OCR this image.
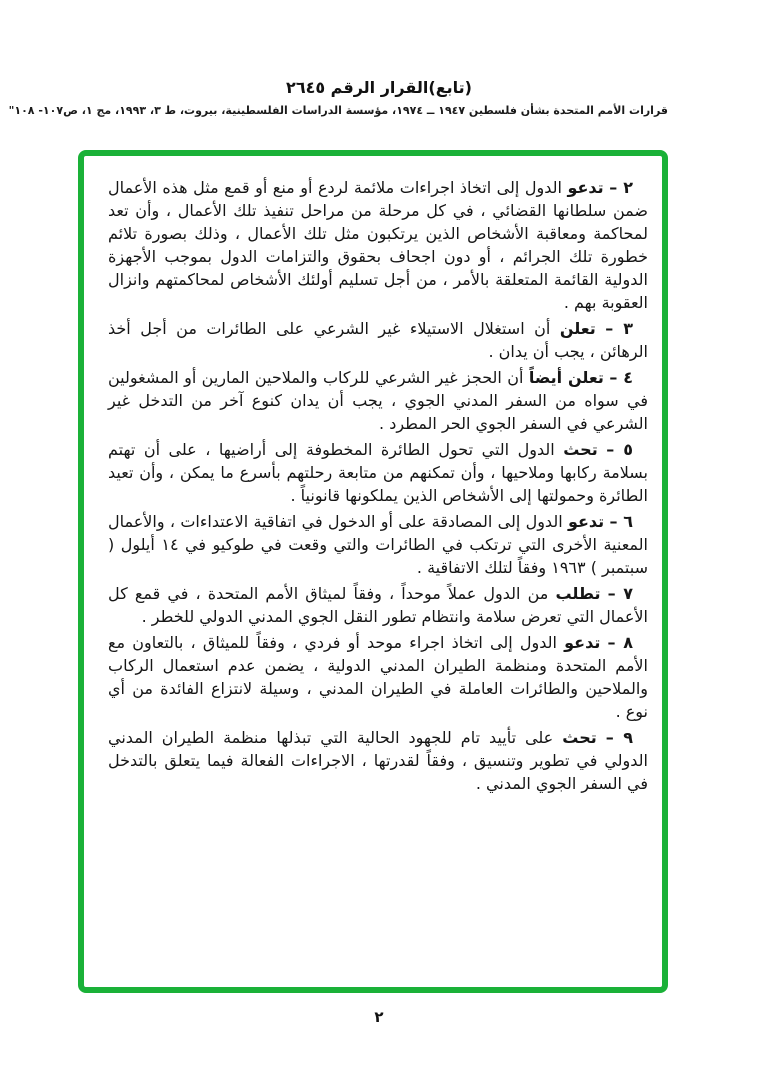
(تابع)القرار الرقم ٢٦٤٥
قرارات الأمم المتحدة بشأن فلسطين ١٩٤٧ ــ ١٩٧٤، مؤسسة الدراسات الفلسطينية، بيروت، ط ٣، ١٩٩٣، مج ١، ص١٠٧- ١٠٨"

٢ – تدعو الدول إلى اتخاذ اجراءات ملائمة لردع أو منع أو قمع مثل هذه الأعمال ضمن سلطانها القضائي ، في كل مرحلة من مراحل تنفيذ تلك الأعمال ، وأن تعد لمحاكمة ومعاقبة الأشخاص الذين يرتكبون مثل تلك الأعمال ، وذلك بصورة تلائم خطورة تلك الجرائم ، أو دون اجحاف بحقوق والتزامات الدول بموجب الأجهزة الدولية القائمة المتعلقة بالأمر ، من أجل تسليم أولئك الأشخاص لمحاكمتهم وانزال العقوبة بهم .

٣ – تعلن أن استغلال الاستيلاء غير الشرعي على الطائرات من أجل أخذ الرهائن ، يجب أن يدان .

٤ – تعلن أيضاً أن الحجز غير الشرعي للركاب والملاحين المارين أو المشغولين في سواه من السفر المدني الجوي ، يجب أن يدان كنوع آخر من التدخل غير الشرعي في السفر الجوي الحر المطرد .

٥ – تحث الدول التي تحول الطائرة المخطوفة إلى أراضيها ، على أن تهتم بسلامة ركابها وملاحيها ، وأن تمكنهم من متابعة رحلتهم بأسرع ما يمكن ، وأن تعيد الطائرة وحمولتها إلى الأشخاص الذين يملكونها قانونياً .

٦ – تدعو الدول إلى المصادقة على أو الدخول في اتفاقية الاعتداءات ، والأعمال المعنية الأخرى التي ترتكب في الطائرات والتي وقعت في طوكيو في ١٤ أيلول ( سبتمبر ) ١٩٦٣ وفقاً لتلك الاتفاقية .

٧ – تطلب من الدول عملاً موحداً ، وفقاً لميثاق الأمم المتحدة ، في قمع كل الأعمال التي تعرض سلامة وانتظام تطور النقل الجوي المدني الدولي للخطر .

٨ – تدعو الدول إلى اتخاذ اجراء موحد أو فردي ، وفقاً للميثاق ، بالتعاون مع الأمم المتحدة ومنظمة الطيران المدني الدولية ، يضمن عدم استعمال الركاب والملاحين والطائرات العاملة في الطيران المدني ، وسيلة لانتزاع الفائدة من أي نوع .

٩ – تحث على تأييد تام للجهود الحالية التي تبذلها منظمة الطيران المدني الدولي في تطوير وتنسيق ، وفقاً لقدرتها ، الاجراءات الفعالة فيما يتعلق بالتدخل في السفر الجوي المدني .

٢
